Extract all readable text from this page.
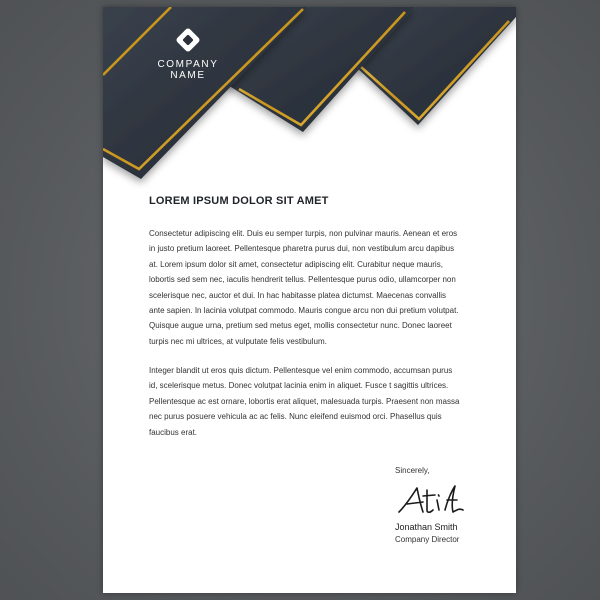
COMPANY
NAME
LOREM IPSUM DOLOR SIT AMET
Consectetur adipiscing elit. Duis eu semper turpis, non pulvinar mauris. Aenean et eros
in justo pretium laoreet. Pellentesque pharetra purus dui, non vestibulum arcu dapibus
at. Lorem ipsum dolor sit amet, consectetur adipiscing elit. Curabitur neque mauris,
lobortis sed sem nec, iaculis hendrerit tellus. Pellentesque purus odio, ullamcorper non
scelerisque nec, auctor et dui. In hac habitasse platea dictumst. Maecenas convallis
ante sapien. In lacinia volutpat commodo. Mauris congue arcu non dui pretium volutpat.
Quisque augue urna, pretium sed metus eget, mollis consectetur nunc. Donec laoreet
turpis nec mi ultrices, at vulputate felis vestibulum.
Integer blandit ut eros quis dictum. Pellentesque vel enim commodo, accumsan purus
id, scelerisque metus. Donec volutpat lacinia enim in aliquet. Fusce t sagittis ultrices.
Pellentesque ac est ornare, lobortis erat aliquet, malesuada turpis. Praesent non massa
nec purus posuere vehicula ac ac felis. Nunc eleifend euismod orci. Phasellus quis
faucibus erat.
Sincerely,
Jonathan Smith
Company Director
